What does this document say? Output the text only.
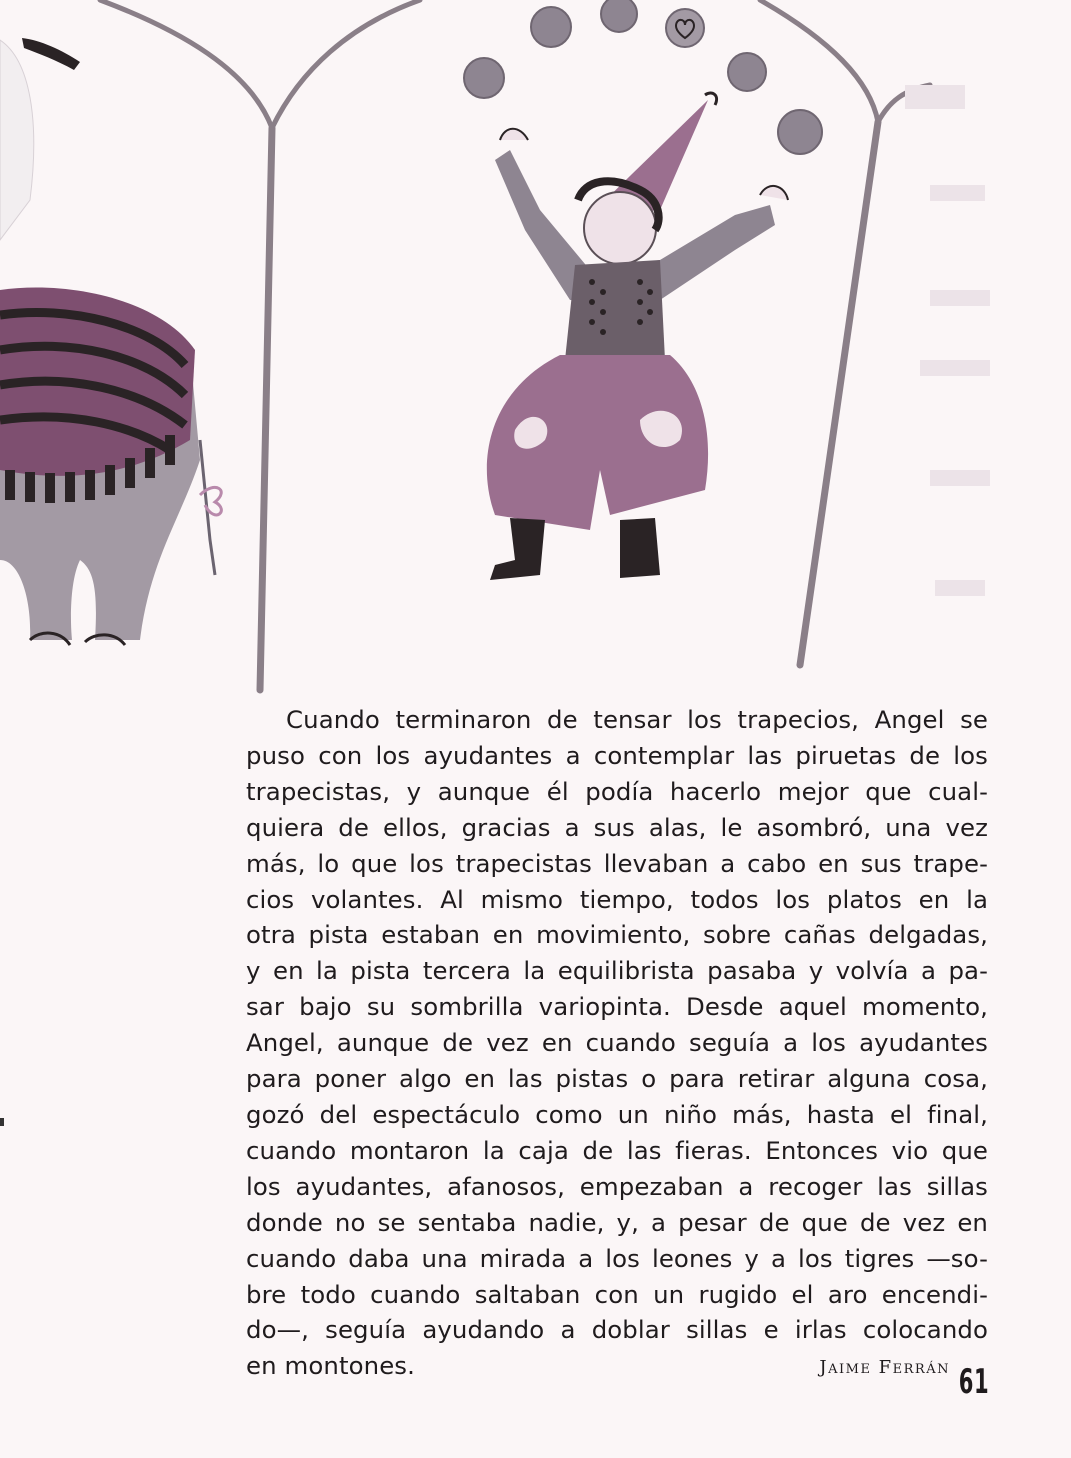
Cuando terminaron de tensar los trapecios, Angel se
puso con los ayudantes a contemplar las piruetas de los
trapecistas, y aunque él podía hacerlo mejor que cual-
quiera de ellos, gracias a sus alas, le asombró, una vez
más, lo que los trapecistas llevaban a cabo en sus trape-
cios volantes. Al mismo tiempo, todos los platos en la
otra pista estaban en movimiento, sobre cañas delgadas,
y en la pista tercera la equilibrista pasaba y volvía a pa-
sar bajo su sombrilla variopinta. Desde aquel momento,
Angel, aunque de vez en cuando seguía a los ayudantes
para poner algo en las pistas o para retirar alguna cosa,
gozó del espectáculo como un niño más, hasta el final,
cuando montaron la caja de las fieras. Entonces vio que
los ayudantes, afanosos, empezaban a recoger las sillas
donde no se sentaba nadie, y, a pesar de que de vez en
cuando daba una mirada a los leones y a los tigres —so-
bre todo cuando saltaban con un rugido el aro encendi-
do—, seguía ayudando a doblar sillas e irlas colocando
en montones.	Jaime Ferrán 61
